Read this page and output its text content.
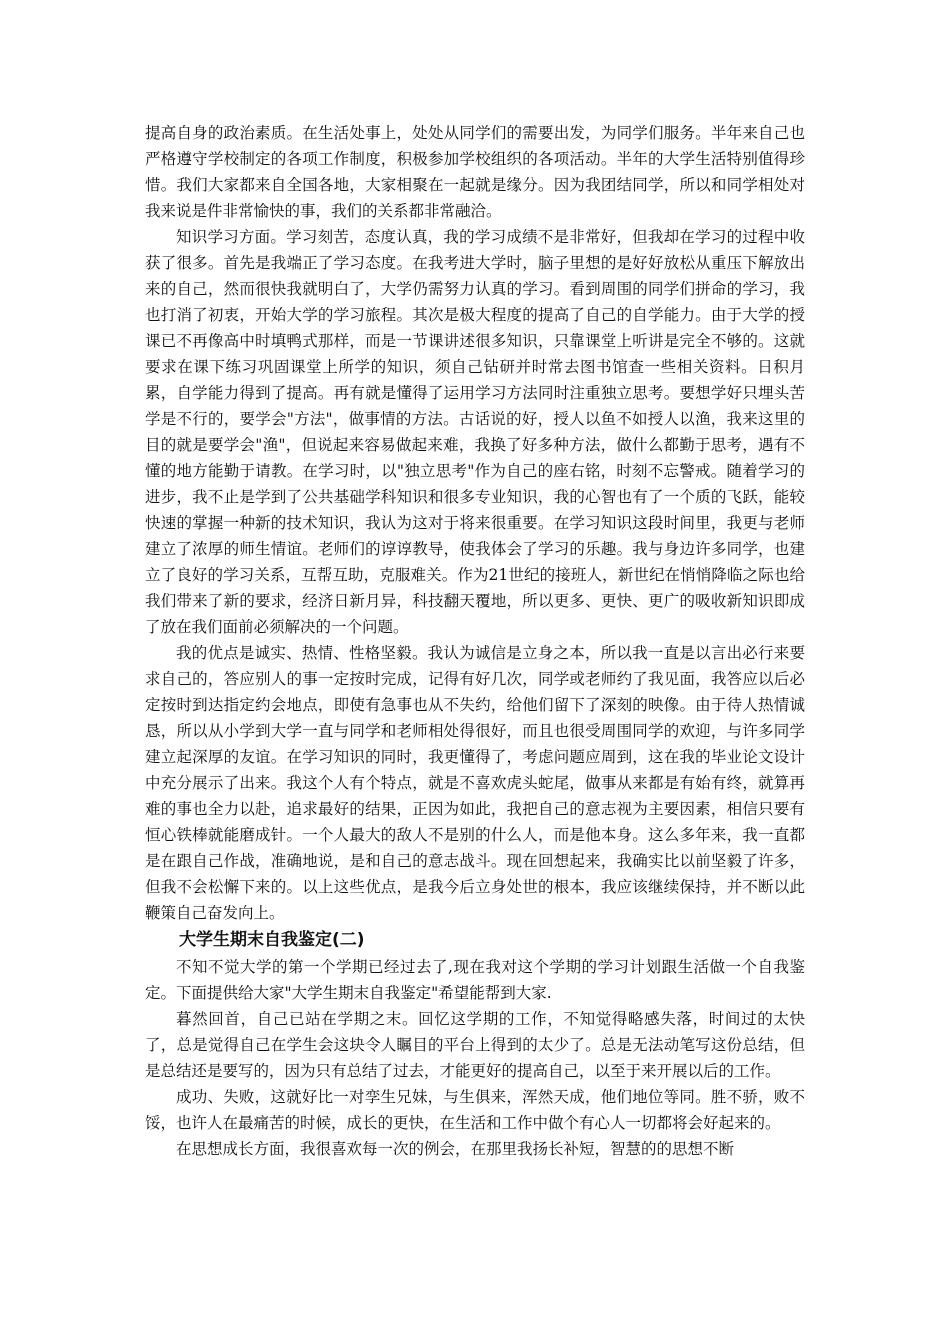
提高自身的政治素质。在生活处事上，处处从同学们的需要出发，为同学们服务。半年来自己也严格遵守学校制定的各项工作制度，积极参加学校组织的各项活动。半年的大学生活特别值得珍惜。我们大家都来自全国各地，大家相聚在一起就是缘分。因为我团结同学，所以和同学相处对我来说是件非常愉快的事，我们的关系都非常融洽。

知识学习方面。学习刻苦，态度认真，我的学习成绩不是非常好，但我却在学习的过程中收获了很多。首先是我端正了学习态度。在我考进大学时，脑子里想的是好好放松从重压下解放出来的自己，然而很快我就明白了，大学仍需努力认真的学习。看到周围的同学们拼命的学习，我也打消了初衷，开始大学的学习旅程。其次是极大程度的提高了自己的自学能力。由于大学的授课已不再像高中时填鸭式那样，而是一节课讲述很多知识，只靠课堂上听讲是完全不够的。这就要求在课下练习巩固课堂上所学的知识，须自己钻研并时常去图书馆查一些相关资料。日积月累，自学能力得到了提高。再有就是懂得了运用学习方法同时注重独立思考。要想学好只埋头苦学是不行的，要学会"方法"，做事情的方法。古话说的好，授人以鱼不如授人以渔，我来这里的目的就是要学会"渔"，但说起来容易做起来难，我换了好多种方法，做什么都勤于思考，遇有不懂的地方能勤于请教。在学习时，以"独立思考"作为自己的座右铭，时刻不忘警戒。随着学习的进步，我不止是学到了公共基础学科知识和很多专业知识，我的心智也有了一个质的飞跃，能较快速的掌握一种新的技术知识，我认为这对于将来很重要。在学习知识这段时间里，我更与老师建立了浓厚的师生情谊。老师们的谆谆教导，使我体会了学习的乐趣。我与身边许多同学，也建立了良好的学习关系，互帮互助，克服难关。作为21世纪的接班人，新世纪在悄悄降临之际也给我们带来了新的要求，经济日新月异，科技翻天覆地，所以更多、更快、更广的吸收新知识即成了放在我们面前必须解决的一个问题。

我的优点是诚实、热情、性格坚毅。我认为诚信是立身之本，所以我一直是以言出必行来要求自己的，答应别人的事一定按时完成，记得有好几次，同学或老师约了我见面，我答应以后必定按时到达指定约会地点，即使有急事也从不失约，给他们留下了深刻的映像。由于待人热情诚恳，所以从小学到大学一直与同学和老师相处得很好，而且也很受周围同学的欢迎，与许多同学建立起深厚的友谊。在学习知识的同时，我更懂得了，考虑问题应周到，这在我的毕业论文设计中充分展示了出来。我这个人有个特点，就是不喜欢虎头蛇尾，做事从来都是有始有终，就算再难的事也全力以赴，追求最好的结果，正因为如此，我把自己的意志视为主要因素，相信只要有恒心铁棒就能磨成针。一个人最大的敌人不是别的什么人，而是他本身。这么多年来，我一直都是在跟自己作战，准确地说，是和自己的意志战斗。现在回想起来，我确实比以前坚毅了许多，但我不会松懈下来的。以上这些优点，是我今后立身处世的根本，我应该继续保持，并不断以此鞭策自己奋发向上。

大学生期末自我鉴定(二)

不知不觉大学的第一个学期已经过去了,现在我对这个学期的学习计划跟生活做一个自我鉴定。下面提供给大家"大学生期末自我鉴定"希望能帮到大家.

暮然回首，自己已站在学期之末。回忆这学期的工作，不知觉得略感失落，时间过的太快了，总是觉得自己在学生会这块令人瞩目的平台上得到的太少了。总是无法动笔写这份总结，但是总结还是要写的，因为只有总结了过去，才能更好的提高自己，以至于来开展以后的工作。

成功、失败，这就好比一对孪生兄妹，与生俱来，浑然天成，他们地位等同。胜不骄，败不馁，也许人在最痛苦的时候，成长的更快，在生活和工作中做个有心人一切都将会好起来的。

在思想成长方面，我很喜欢每一次的例会，在那里我扬长补短，智慧的的思想不断
